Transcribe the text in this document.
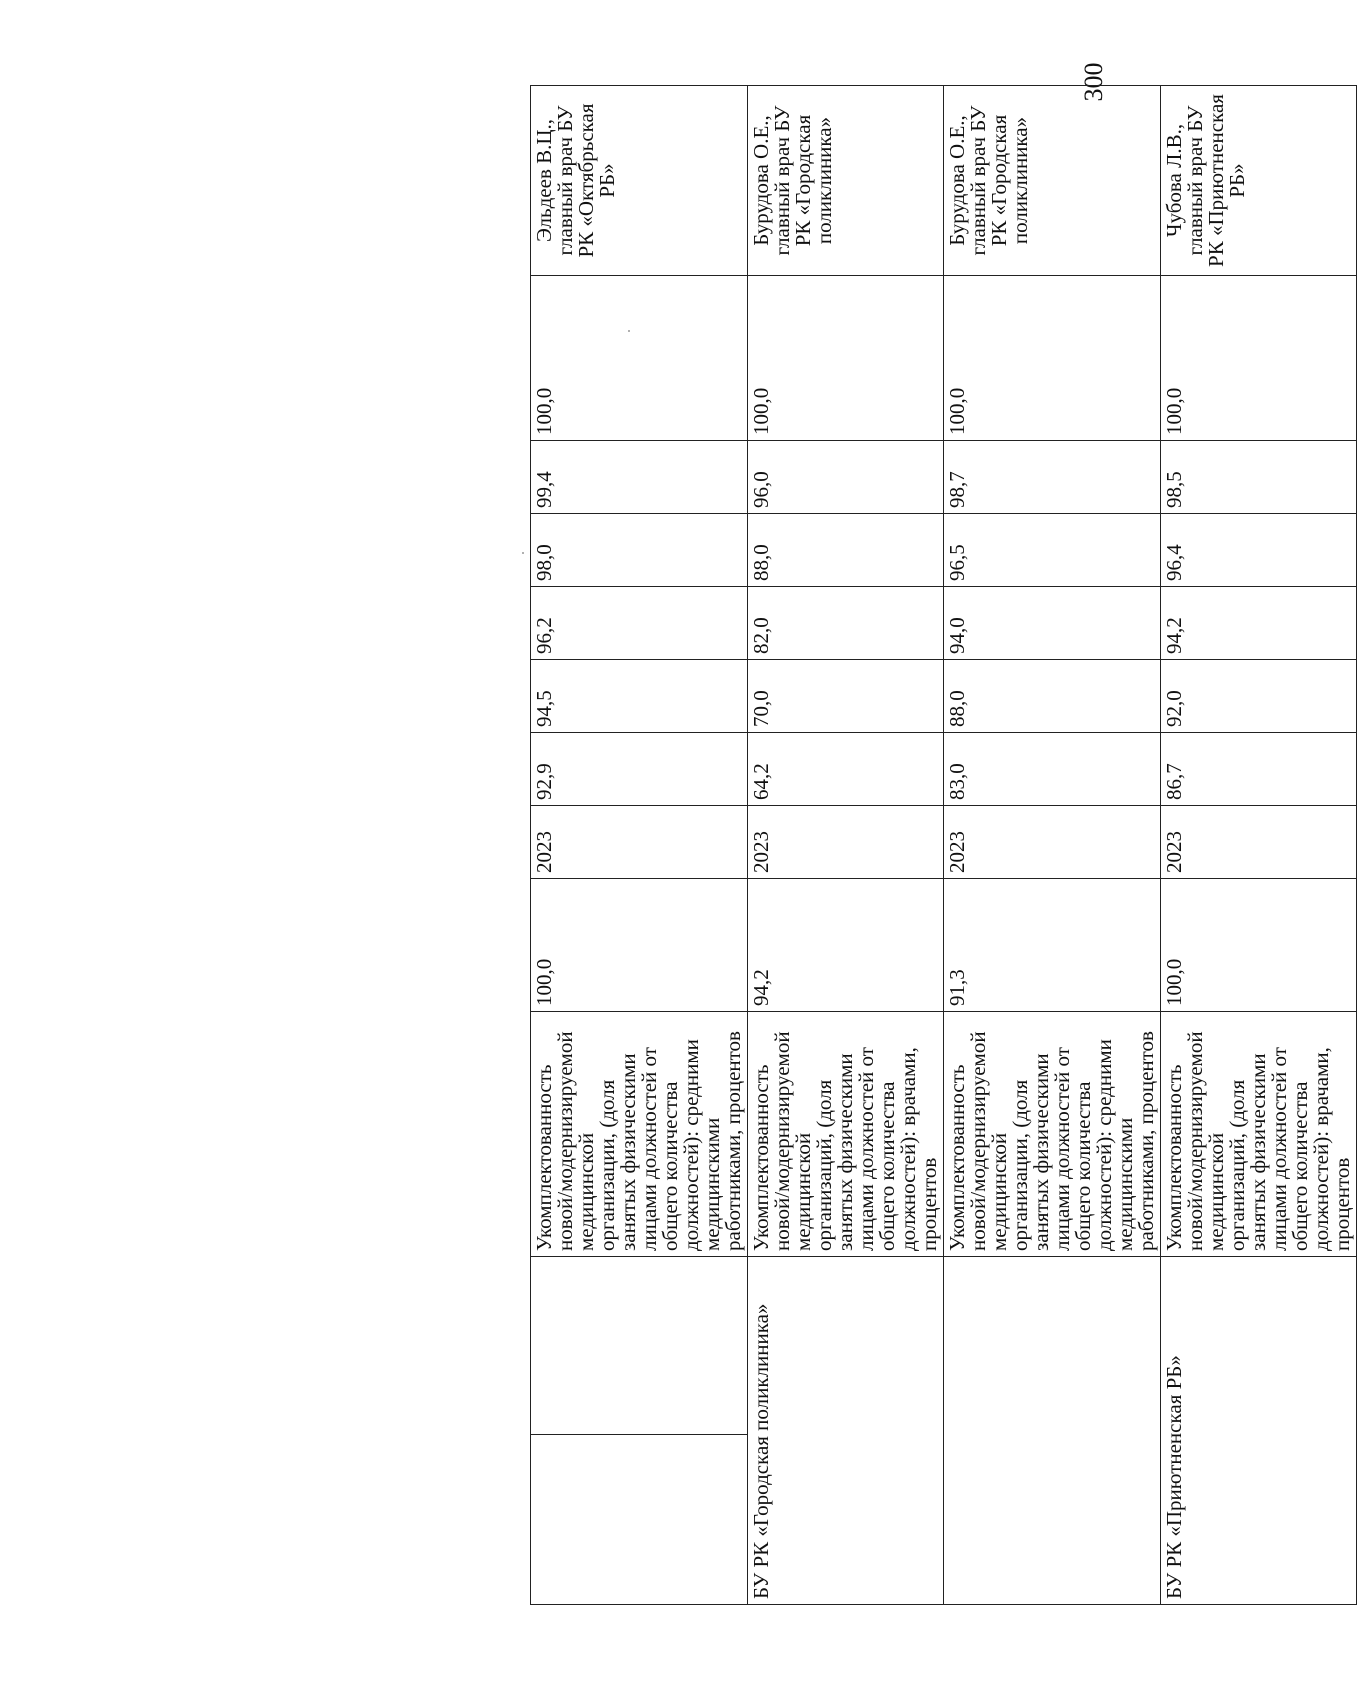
300
		Укомплектованность новой/модернизируемой медицинской организации, (доля занятых физическими лицами должностей от общего количества должностей): средними медицинскими работниками, процентов	100,0	2023	92,9	94,5	96,2	98,0	99,4	100,0	Эльдеев В.Ц., главный врач БУ РК «Октябрьская РБ»
БУ РК «Городская поликлиника»		Укомплектованность новой/модернизируемой медицинской организаций, (доля занятых физическими лицами должностей от общего количества должностей): врачами, процентов	94,2	2023	64,2	70,0	82,0	88,0	96,0	100,0	Бурудова О.Е., главный врач БУ РК «Городская поликлиника»
		Укомплектованность новой/модернизируемой медицинской организации, (доля занятых физическими лицами должностей от общего количества должностей): средними медицинскими работниками, процентов	91,3	2023	83,0	88,0	94,0	96,5	98,7	100,0	Бурудова О.Е., главный врач БУ РК «Городская поликлиника»
БУ РК «Приютненская РБ»		Укомплектованность новой/модернизируемой медицинской организаций, (доля занятых физическими лицами должностей от общего количества должностей): врачами, процентов	100,0	2023	86,7	92,0	94,2	96,4	98,5	100,0	Чубова Л.В., главный врач БУ РК «Приютненская РБ»
